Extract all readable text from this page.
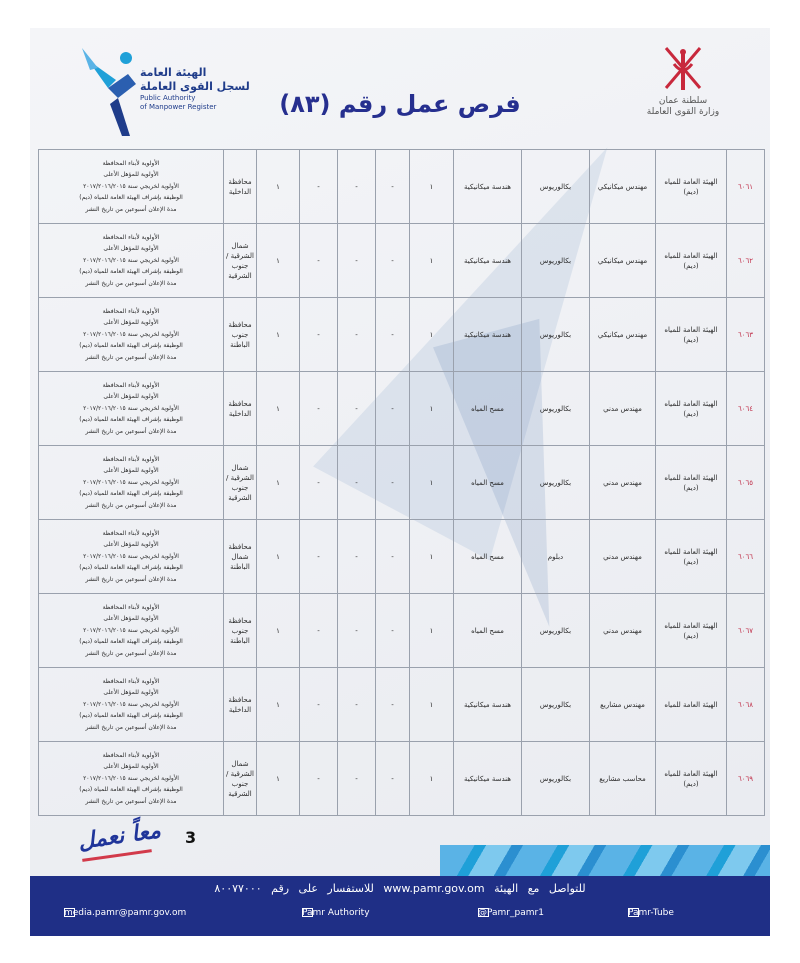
الهيئة العامة
لسجل القوى العاملة
Public Authority
of Manpower Register	فرص عمل رقم (٨٣)	سلطنة عمان
وزارة القوى العاملة
٦٠٦١	الهيئة العامة للمياه (ديم)	مهندس ميكانيكي	بكالوريوس	هندسة ميكانيكية	١	-	-	-	١	محافظة الداخلية	الأولوية لأبناء المحافظة
الأولوية للمؤهل الأعلى
الأولوية لخريجي سنة ٢٠١٧/٢٠١٦/٢٠١٥
الوظيفة بإشراف الهيئة العامة للمياه (ديم)
مدة الإعلان أسبوعين من تاريخ النشر

٦٠٦٢	الهيئة العامة للمياه (ديم)	مهندس ميكانيكي	بكالوريوس	هندسة ميكانيكية	١	-	-	-	١	شمال الشرقية / جنوب الشرقية	الأولوية لأبناء المحافظة
الأولوية للمؤهل الأعلى
الأولوية لخريجي سنة ٢٠١٧/٢٠١٦/٢٠١٥
الوظيفة بإشراف الهيئة العامة للمياه (ديم)
مدة الإعلان أسبوعين من تاريخ النشر

٦٠٦٣	الهيئة العامة للمياه (ديم)	مهندس ميكانيكي	بكالوريوس	هندسة ميكانيكية	١	-	-	-	١	محافظة جنوب الباطنة	الأولوية لأبناء المحافظة
الأولوية للمؤهل الأعلى
الأولوية لخريجي سنة ٢٠١٧/٢٠١٦/٢٠١٥
الوظيفة بإشراف الهيئة العامة للمياه (ديم)
مدة الإعلان أسبوعين من تاريخ النشر

٦٠٦٤	الهيئة العامة للمياه (ديم)	مهندس مدني	بكالوريوس	مسح المياه	١	-	-	-	١	محافظة الداخلية	الأولوية لأبناء المحافظة
الأولوية للمؤهل الأعلى
الأولوية لخريجي سنة ٢٠١٧/٢٠١٦/٢٠١٥
الوظيفة بإشراف الهيئة العامة للمياه (ديم)
مدة الإعلان أسبوعين من تاريخ النشر

٦٠٦٥	الهيئة العامة للمياه (ديم)	مهندس مدني	بكالوريوس	مسح المياه	١	-	-	-	١	شمال الشرقية / جنوب الشرقية	الأولوية لأبناء المحافظة
الأولوية للمؤهل الأعلى
الأولوية لخريجي سنة ٢٠١٧/٢٠١٦/٢٠١٥
الوظيفة بإشراف الهيئة العامة للمياه (ديم)
مدة الإعلان أسبوعين من تاريخ النشر

٦٠٦٦	الهيئة العامة للمياه (ديم)	مهندس مدني	دبلوم	مسح المياه	١	-	-	-	١	محافظة شمال الباطنة	الأولوية لأبناء المحافظة
الأولوية للمؤهل الأعلى
الأولوية لخريجي سنة ٢٠١٧/٢٠١٦/٢٠١٥
الوظيفة بإشراف الهيئة العامة للمياه (ديم)
مدة الإعلان أسبوعين من تاريخ النشر

٦٠٦٧	الهيئة العامة للمياه (ديم)	مهندس مدني	بكالوريوس	مسح المياه	١	-	-	-	١	محافظة جنوب الباطنة	الأولوية لأبناء المحافظة
الأولوية للمؤهل الأعلى
الأولوية لخريجي سنة ٢٠١٧/٢٠١٦/٢٠١٥
الوظيفة بإشراف الهيئة العامة للمياه (ديم)
مدة الإعلان أسبوعين من تاريخ النشر

٦٠٦٨	الهيئة العامة للمياه	مهندس مشاريع	بكالوريوس	هندسة ميكانيكية	١	-	-	-	١	محافظة الداخلية	الأولوية لأبناء المحافظة
الأولوية للمؤهل الأعلى
الأولوية لخريجي سنة ٢٠١٧/٢٠١٦/٢٠١٥
الوظيفة بإشراف الهيئة العامة للمياه (ديم)
مدة الإعلان أسبوعين من تاريخ النشر

٦٠٦٩	الهيئة العامة للمياه (ديم)	محاسب مشاريع	بكالوريوس	هندسة ميكانيكية	١	-	-	-	١	شمال الشرقية / جنوب الشرقية	الأولوية لأبناء المحافظة
الأولوية للمؤهل الأعلى
الأولوية لخريجي سنة ٢٠١٧/٢٠١٦/٢٠١٥
الوظيفة بإشراف الهيئة العامة للمياه (ديم)
مدة الإعلان أسبوعين من تاريخ النشر
معاً نعمل 3
للتواصل مع الهيئة www.pamr.gov.om للاستفسار على رقم ٨٠٠٧٧٠٠٠
media.pamr@pamr.gov.om	Pamr Authority	@Pamr_pamr1	Pamr-Tube
